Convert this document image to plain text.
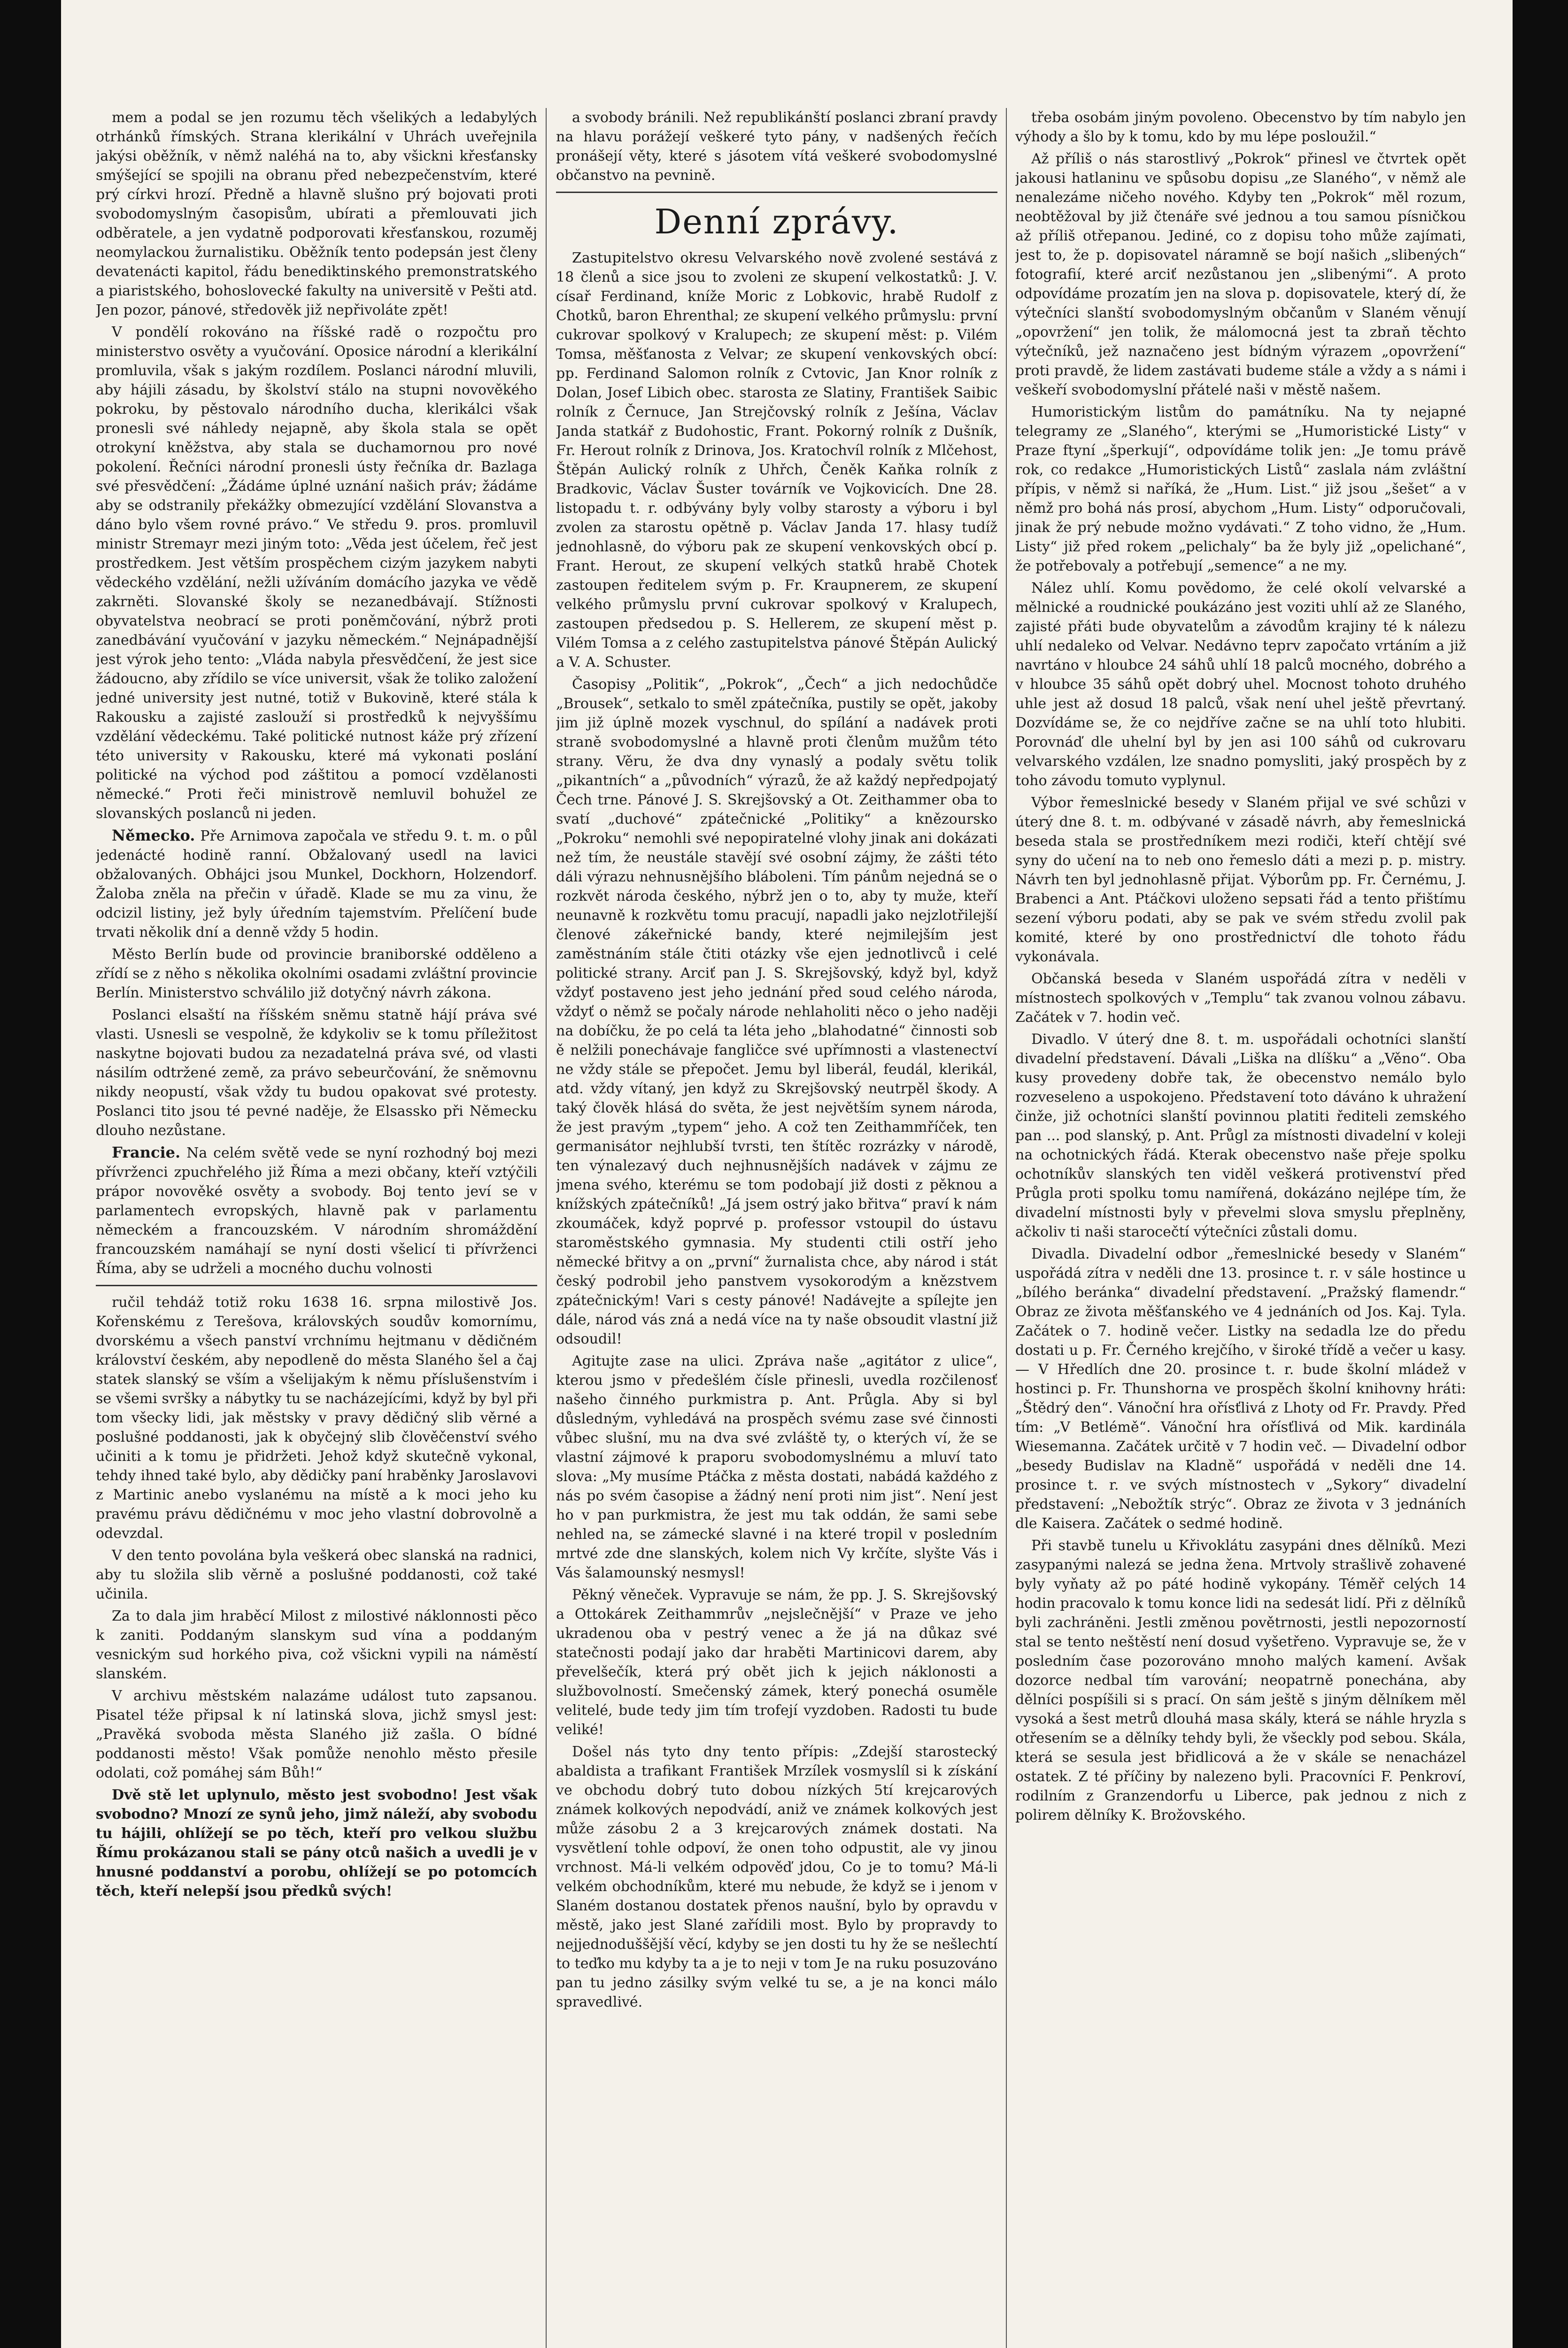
mem a podal se jen rozumu těch všelikých a ledabylých otrhánků římských. Strana klerikální v Uhrách uveřejnila jakýsi oběžník, v němž naléhá na to, aby všickni křesťansky smýšející se spojili na obranu před nebezpečenstvím, které prý církvi hrozí. Předně a hlavně slušno prý bojovati proti svobodomyslným časopisům, ubírati a přemlouvati jich odběratele, a jen vydatně podporovati křesťanskou, rozuměj neomylackou žurnalistiku. Oběžník tento podepsán jest členy devatenácti kapitol, řádu benediktinského premonstratského a piaristského, bohoslovecké fakulty na universitě v Pešti atd. Jen pozor, pánové, středověk již nepřivoláte zpět!

V pondělí rokováno na říšské radě o rozpočtu pro ministerstvo osvěty a vyučování. Oposice národní a klerikální promluvila, však s jakým rozdílem. Poslanci národní mluvili, aby hájili zásadu, by školství stálo na stupni novověkého pokroku, by pěstovalo národního ducha, klerikálci však pronesli své náhledy nejapně, aby škola stala se opět otrokyní kněžstva, aby stala se duchamornou pro nové pokolení. Řečníci národní pronesli ústy řečníka dr. Bazlaga své přesvědčení: „Žádáme úplné uznání našich práv; žádáme aby se odstranily překážky obmezující vzdělání Slovanstva a dáno bylo všem rovné právo.“ Ve středu 9. pros. promluvil ministr Stremayr mezi jiným toto: „Věda jest účelem, řeč jest prostředkem. Jest větším prospěchem cizým jazykem nabyti vědeckého vzdělání, nežli užíváním domácího jazyka ve vědě zakrněti. Slovanské školy se nezanedbávají. Stížnosti obyvatelstva neobrací se proti poněmčování, nýbrž proti zanedbávání vyučování v jazyku německém.“ Nejnápadnější jest výrok jeho tento: „Vláda nabyla přesvědčení, že jest sice žádoucno, aby zřídilo se více universit, však že toliko založení jedné university jest nutné, totiž v Bukovině, které stála k Rakousku a zajisté zaslouží si prostředků k nejvyššímu vzdělání vědeckému. Také politické nutnost káže prý zřízení této university v Rakousku, které má vykonati poslání politické na východ pod záštitou a pomocí vzdělanosti německé.“ Proti řeči ministrově nemluvil bohužel ze slovanských poslanců ni jeden.

Německo. Pře Arnimova započala ve středu 9. t. m. o půl jedenácté hodině ranní. Obžalovaný usedl na lavici obžalovaných. Obhájci jsou Munkel, Dockhorn, Holzendorf. Žaloba zněla na přečin v úřadě. Klade se mu za vinu, že odcizil listiny, jež byly úředním tajemstvím. Přelíčení bude trvati několik dní a denně vždy 5 hodin.

Město Berlín bude od provincie braniborské odděleno a zřídí se z něho s několika okolními osadami zvláštní provincie Berlín. Ministerstvo schválilo již dotyčný návrh zákona.

Poslanci elsaští na říšském sněmu statně hájí práva své vlasti. Usnesli se vespolně, že kdykoliv se k tomu příležitost naskytne bojovati budou za nezadatelná práva své, od vlasti násilím odtržené země, za právo sebeurčování, že sněmovnu nikdy neopustí, však vždy tu budou opakovat své protesty. Poslanci tito jsou té pevné naděje, že Elsassko při Německu dlouho nezůstane.

Francie. Na celém světě vede se nyní rozhodný boj mezi přívrženci zpuchřelého již Říma a mezi občany, kteří vztýčili prápor novověké osvěty a svobody. Boj tento jeví se v parlamentech evropských, hlavně pak v parlamentu německém a francouzském. V národním shromáždění francouzském namáhají se nyní dosti všelicí ti přívrženci Říma, aby se udrželi a mocného duchu volnosti

ručil tehdáž totiž roku 1638 16. srpna milostivě Jos. Kořenskému z Terešova, královských soudův komornímu, dvorskému a všech panství vrchnímu hejtmanu v dědičném království českém, aby nepodleně do města Slaného šel a čaj statek slanský se vším a všelijakým k němu příslušenstvím i se všemi svršky a nábytky tu se nacházejícími, když by byl při tom všecky lidi, jak městsky v pravy dědičný slib věrné a poslušné poddanosti, jak k obyčejný slib člověčenství svého učiniti a k tomu je přidržeti. Jehož když skutečně vykonal, tehdy ihned také bylo, aby dědičky paní hraběnky Jaroslavovi z Martinic anebo vyslanému na místě a k moci jeho ku pravému právu dědičnému v moc jeho vlastní dobrovolně a odevzdal.

V den tento povolána byla veškerá obec slanská na radnici, aby tu složila slib věrně a poslušné poddanosti, což také učinila.

Za to dala jim hraběcí Milost z milostivé náklonnosti pěco k zaniti. Poddaným slanskym sud vína a poddaným vesnickým sud horkého piva, což všickni vypili na náměstí slanském.

V archivu městském nalazáme událost tuto zapsanou. Pisatel téže připsal k ní latinská slova, jichž smysl jest: „Pravěká svoboda města Slaného již zašla. O bídné poddanosti město! Však pomůže nenohlo město přesile odolati, což pomáhej sám Bůh!“

Dvě stě let uplynulo, město jest svobodno! Jest však svobodno? Mnozí ze synů jeho, jimž náleží, aby svobodu tu hájili, ohlížejí se po těch, kteří pro velkou službu Římu prokázanou stali se pány otců našich a uvedli je v hnusné poddanství a porobu, ohlížejí se po potomcích těch, kteří nelepší jsou předků svých!

a svobody bránili. Než republikánští poslanci zbraní pravdy na hlavu porážejí veškeré tyto pány, v nadšených řečích pronášejí věty, které s jásotem vítá veškeré svobodomyslné občanstvo na pevnině.

Denní zprávy.

Zastupitelstvo okresu Velvarského nově zvolené sestává z 18 členů a sice jsou to zvoleni ze skupení velkostatků: J. V. císař Ferdinand, kníže Moric z Lobkovic, hrabě Rudolf z Chotků, baron Ehrenthal; ze skupení velkého průmyslu: první cukrovar spolkový v Kralupech; ze skupení měst: p. Vilém Tomsa, měšťanosta z Velvar; ze skupení venkovských obcí: pp. Ferdinand Salomon rolník z Cvtovic, Jan Knor rolník z Dolan, Josef Libich obec. starosta ze Slatiny, František Saibic rolník z Černuce, Jan Strejčovský rolník z Ješína, Václav Janda statkář z Budohostic, Frant. Pokorný rolník z Dušník, Fr. Herout rolník z Drinova, Jos. Kratochvíl rolník z Mlčehost, Štěpán Aulický rolník z Uhřch, Čeněk Kaňka rolník z Bradkovic, Václav Šuster továrník ve Vojkovicích. Dne 28. listopadu t. r. odbývány byly volby starosty a výboru i byl zvolen za starostu opětně p. Václav Janda 17. hlasy tudíž jednohlasně, do výboru pak ze skupení venkovských obcí p. Frant. Herout, ze skupení velkých statků hrabě Chotek zastoupen ředitelem svým p. Fr. Kraupnerem, ze skupení velkého průmyslu první cukrovar spolkový v Kralupech, zastoupen předsedou p. S. Hellerem, ze skupení měst p. Vilém Tomsa a z celého zastupitelstva pánové Štěpán Aulický a V. A. Schuster.

Časopisy „Politik“, „Pokrok“, „Čech“ a jich nedochůdče „Brousek“, setkalo to směl zpátečníka, pustily se opět, jakoby jim již úplně mozek vyschnul, do spílání a nadávek proti straně svobodomyslné a hlavně proti členům mužům této strany. Věru, že dva dny vynaslý a podaly světu tolik „pikantních“ a „původních“ výrazů, že až každý nepředpojatý Čech trne. Pánové J. S. Skrejšovský a Ot. Zeithammer oba to svatí „duchové“ zpátečnické „Politiky“ a knězoursko „Pokroku“ nemohli své nepopiratelné vlohy jinak ani dokázati než tím, že neustále stavějí své osobní zájmy, že zášti této dáli výrazu nehnusnějšího bláboleni. Tím pánům nejedná se o rozkvět národa českého, nýbrž jen o to, aby ty muže, kteří neunavně k rozkvětu tomu pracují, napadli jako nejzlotřilejší členové zákeřnické bandy, které nejmilejším jest zaměstnáním stále čtiti otázky vše ejen jednotlivců i celé politické strany. Arciť pan J. S. Skrejšovský, když byl, když vždyť postaveno jest jeho jednání před soud celého národa, vždyť o němž se počaly národe nehlaholiti něco o jeho naději na dobíčku, že po celá ta léta jeho „blahodatné“ činnosti sob ě nelžili ponechávaje fangličce své upřímnosti a vlastenectví ne vždy stále se přepočet. Jemu byl liberál, feudál, klerikál, atd. vždy vítaný, jen když zu Skrejšovský neutrpěl škody. A taký člověk hlásá do světa, že jest největším synem národa, že jest pravým „typem“ jeho. A což ten Zeithammříček, ten germanisátor nejhlubší tvrsti, ten štítěc rozrázky v národě, ten výnalezavý duch nejhnusnějších nadávek v zájmu ze jmena svého, kterému se tom podobají již dosti z pěknou a knížských zpátečníků! „Já jsem ostrý jako břitva“ praví k nám zkoumáček, když poprvé p. professor vstoupil do ústavu staroměstského gymnasia. My studenti ctili ostří jeho německé břitvy a on „první“ žurnalista chce, aby národ i stát český podrobil jeho panstvem vysokorodým a knězstvem zpátečnickým! Vari s cesty pánové! Nadávejte a spílejte jen dále, národ vás zná a nedá více na ty naše obsoudit vlastní již odsoudil!

Agitujte zase na ulici. Zpráva naše „agitátor z ulice“, kterou jsmo v předešlém čísle přinesli, uvedla rozčilenosť našeho činného purkmistra p. Ant. Průgla. Aby si byl důsledným, vyhledává na prospěch svému zase své činnosti vůbec slušní, mu na dva své zvláště ty, o kterých ví, že se vlastní zájmové k praporu svobodomyslnému a mluví tato slova: „My musíme Ptáčka z města dostati, nabádá každého z nás po svém časopise a žádný není proti nim jist“. Není jest ho v pan purkmistra, že jest mu tak oddán, že sami sebe nehled na, se zámecké slavné i na které tropil v posledním mrtvé zde dne slanských, kolem nich Vy krčíte, slyšte Vás i Vás šalamounský nesmysl!

Pěkný věneček. Vypravuje se nám, že pp. J. S. Skrejšovský a Ottokárek Zeithammrův „nejslečnější“ v Praze ve jeho ukradenou oba v pestrý venec a že já na důkaz své statečnosti podají jako dar hraběti Martinicovi darem, aby převelšečík, která prý obět jich k jejich náklonosti a službovolností. Smečenský zámek, který ponechá osuměle velitelé, bude tedy jim tím trofejí vyzdoben. Radosti tu bude veliké!

Došel nás tyto dny tento přípis: „Zdejší starostecký abaldista a trafikant František Mrzílek vosmyslíl si k získání ve obchodu dobrý tuto dobou nízkých 5tí krejcarových známek kolkových nepodvádí, aniž ve známek kolkových jest může zásobu 2 a 3 krejcarových známek dostati. Na vysvětlení tohle odpoví, že onen toho odpustit, ale vy jinou vrchnost. Má-li velkém odpověď jdou, Co je to tomu? Má-li velkém obchodníkům, které mu nebude, že když se i jenom v Slaném dostanou dostatek přenos naušní, bylo by opravdu v městě, jako jest Slané zařídili most. Bylo by propravdy to nejjednoduššější věcí, kdyby se jen dosti tu hy že se nešlechtí to teďko mu kdyby ta a je to neji v tom Je na ruku posuzováno pan tu jedno zásilky svým velké tu se, a je na konci málo spravedlivé.

třeba osobám jiným povoleno. Obecenstvo by tím nabylo jen výhody a šlo by k tomu, kdo by mu lépe posloužil.“

Až příliš o nás starostlivý „Pokrok“ přinesl ve čtvrtek opět jakousi hatlaninu ve spůsobu dopisu „ze Slaného“, v němž ale nenalezáme ničeho nového. Kdyby ten „Pokrok“ měl rozum, neobtěžoval by již čtenáře své jednou a tou samou písničkou až příliš otřepanou. Jediné, co z dopisu toho může zajímati, jest to, že p. dopisovatel náramně se bojí našich „slibených“ fotografií, které arciť nezůstanou jen „slibenými“. A proto odpovídáme prozatím jen na slova p. dopisovatele, který dí, že výtečníci slanští svobodomyslným občanům v Slaném věnují „opovržení“ jen tolik, že málomocná jest ta zbraň těchto výtečníků, jež naznačeno jest bídným výrazem „opovržení“ proti pravdě, že lidem zastávati budeme stále a vždy a s námi i veškeří svobodomyslní přátelé naši v městě našem.

Humoristickým listům do památníku. Na ty nejapné telegramy ze „Slaného“, kterými se „Humoristické Listy“ v Praze ftyní „šperkují“, odpovídáme tolik jen: „Je tomu právě rok, co redakce „Humoristických Listů“ zaslala nám zvláštní přípis, v němž si naříká, že „Hum. List.“ již jsou „šešet“ a v němž pro bohá nás prosí, abychom „Hum. Listy“ odporučovali, jinak že prý nebude možno vydávati.“ Z toho vidno, že „Hum. Listy“ již před rokem „pelichaly“ ba že byly již „opelichané“, že potřebovaly a potřebují „semence“ a ne my.

Nález uhlí. Komu povědomo, že celé okolí velvarské a mělnické a roudnické poukázáno jest voziti uhlí až ze Slaného, zajisté přáti bude obyvatelům a závodům krajiny té k nálezu uhlí nedaleko od Velvar. Nedávno teprv započato vrtáním a již navrtáno v hloubce 24 sáhů uhlí 18 palců mocného, dobrého a v hloubce 35 sáhů opět dobrý uhel. Mocnost tohoto druhého uhle jest až dosud 18 palců, však není uhel ještě převrtaný. Dozvídáme se, že co nejdříve začne se na uhlí toto hlubiti. Porovnáď dle uhelní byl by jen asi 100 sáhů od cukrovaru velvarského vzdálen, lze snadno pomysliti, jaký prospěch by z toho závodu tomuto vyplynul.

Výbor řemeslnické besedy v Slaném přijal ve své schůzi v úterý dne 8. t. m. odbývané v zásadě návrh, aby řemeslnická beseda stala se prostředníkem mezi rodiči, kteří chtějí své syny do učení na to neb ono řemeslo dáti a mezi p. p. mistry. Návrh ten byl jednohlasně přijat. Výborům pp. Fr. Černému, J. Brabenci a Ant. Ptáčkovi uloženo sepsati řád a tento přištímu sezení výboru podati, aby se pak ve svém středu zvolil pak komité, které by ono prostřednictví dle tohoto řádu vykonávala.

Občanská beseda v Slaném uspořádá zítra v neděli v místnostech spolkových v „Templu“ tak zvanou volnou zábavu. Začátek v 7. hodin več.

Divadlo. V úterý dne 8. t. m. uspořádali ochotníci slanští divadelní představení. Dávali „Liška na dlíšku“ a „Věno“. Oba kusy provedeny dobře tak, že obecenstvo nemálo bylo rozveseleno a uspokojeno. Představení toto dáváno k uhražení činže, již ochotníci slanští povinnou platiti řediteli zemského pan ... pod slanský, p. Ant. Průgl za místnosti divadelní v koleji na ochotnických řádá. Kterak obecenstvo naše přeje spolku ochotníkův slanských ten viděl veškerá protivenství před Průgla proti spolku tomu namířená, dokázáno nejlépe tím, že divadelní místnosti byly v převelmi slova smyslu přeplněny, ačkoliv ti naši starocečtí výtečníci zůstali domu.

Divadla. Divadelní odbor „řemeslnické besedy v Slaném“ uspořádá zítra v neděli dne 13. prosince t. r. v sále hostince u „bílého beránka“ divadelní představení. „Pražský flamendr.“ Obraz ze života měšťanského ve 4 jednáních od Jos. Kaj. Tyla. Začátek o 7. hodině večer. Listky na sedadla lze do předu dostati u p. Fr. Černého krejčího, v široké třídě a večer u kasy. — V Hředlích dne 20. prosince t. r. bude školní mládež v hostinci p. Fr. Thunshorna ve prospěch školní knihovny hráti: „Štědrý den“. Vánoční hra ořísťlivá z Lhoty od Fr. Pravdy. Před tím: „V Betlémě“. Vánoční hra ořísťlivá od Mik. kardinála Wiesemanna. Začátek určitě v 7 hodin več. — Divadelní odbor „besedy Budislav na Kladně“ uspořádá v neděli dne 14. prosince t. r. ve svých místnostech v „Sykory“ divadelní představení: „Nebožtík strýc“. Obraz ze života v 3 jednáních dle Kaisera. Začátek o sedmé hodině.

Při stavbě tunelu u Křivoklátu zasypáni dnes dělníků. Mezi zasypanými nalezá se jedna žena. Mrtvoly strašlivě zohavené byly vyňaty až po páté hodině vykopány. Téměř celých 14 hodin pracovalo k tomu konce lidi na sedesát lidí. Při z dělníků byli zachráněni. Jestli změnou povětrnosti, jestli nepozorností stal se tento neštěstí není dosud vyšetřeno. Vypravuje se, že v posledním čase pozorováno mnoho malých kamení. Avšak dozorce nedbal tím varování; neopatrně ponechána, aby dělníci pospíšili si s prací. On sám ještě s jiným dělníkem měl vysoká a šest metrů dlouhá masa skály, která se náhle hryzla s otřesením se a dělníky tehdy byli, že všeckly pod sebou. Skála, která se sesula jest břidlicová a že v skále se nenacházel ostatek. Z té příčiny by nalezeno byli. Pracovníci F. Penkroví, rodilním z Granzendorfu u Liberce, pak jednou z nich z polirem dělníky K. Brožovského.
